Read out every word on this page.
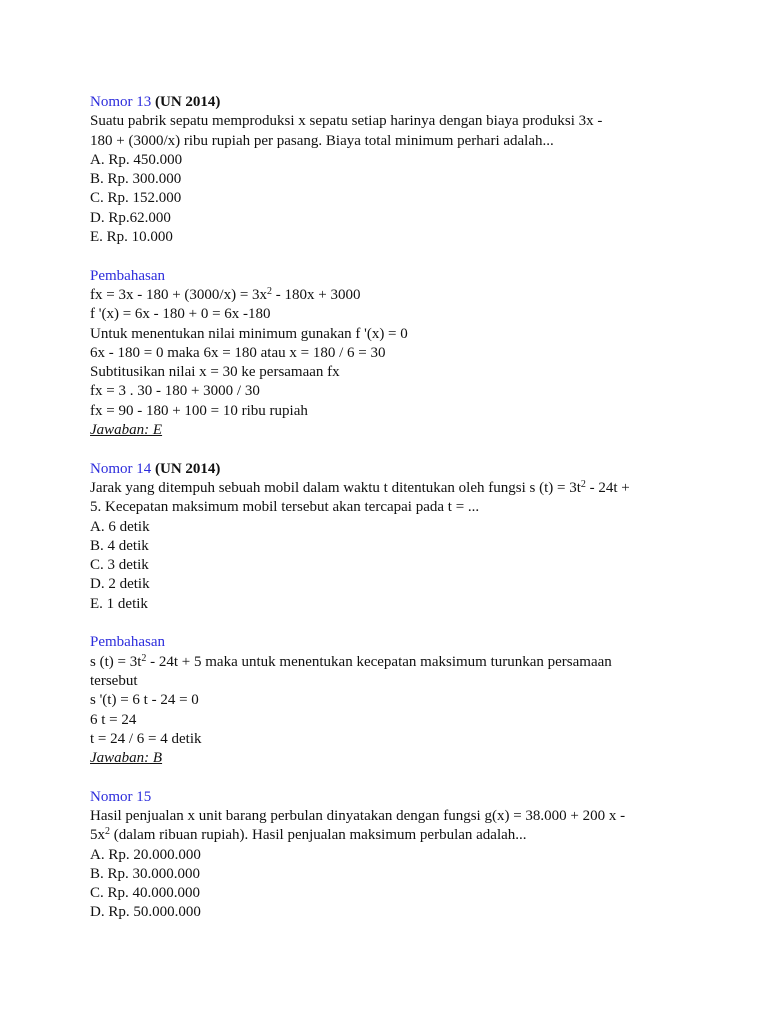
Nomor 13 (UN 2014)
Suatu pabrik sepatu memproduksi x sepatu setiap harinya dengan biaya produksi 3x -
180 + (3000/x) ribu rupiah per pasang. Biaya total minimum perhari adalah...
A. Rp. 450.000
B. Rp. 300.000
C. Rp. 152.000
D. Rp.62.000
E. Rp. 10.000
Pembahasan
fx = $3x - 180 + (3000/x) = 3x^2 - 180x + 3000$
f '(x) = 6x - 180 + 0 = 6x -180
Untuk menentukan nilai minimum gunakan f '(x) = 0
6x - 180 = 0 maka 6x = 180 atau x = 180 / 6 = 30
Subtitusikan nilai x = 30 ke persamaan fx
fx = 3 . 30 - 180 + 3000 / 30
fx = 90 - 180 + 100 = 10 ribu rupiah
Jawaban: E
Nomor 14 (UN 2014)
Jarak yang ditempuh sebuah mobil dalam waktu t ditentukan oleh fungsi s $(t) = 3t^2 - 24t$ +
5. Kecepatan maksimum mobil tersebut akan tercapai pada t = ...
A. 6 detik
B. 4 detik
C. 3 detik
D. 2 detik
E. 1 detik
Pembahasan
s $(t) = 3t^2 - 24t + 5$ maka untuk menentukan kecepatan maksimum turunkan persamaan
tersebut
s '(t) = 6 t - 24 = 0
6 t = 24
t = 24 / 6 = 4 detik
Jawaban: B
Nomor 15
Hasil penjualan x unit barang perbulan dinyatakan dengan fungsi g(x) = 38.000 + 200 x -
$5x^2$ (dalam ribuan rupiah). Hasil penjualan maksimum perbulan adalah...
A. Rp. 20.000.000
B. Rp. 30.000.000
C. Rp. 40.000.000
D. Rp. 50.000.000
